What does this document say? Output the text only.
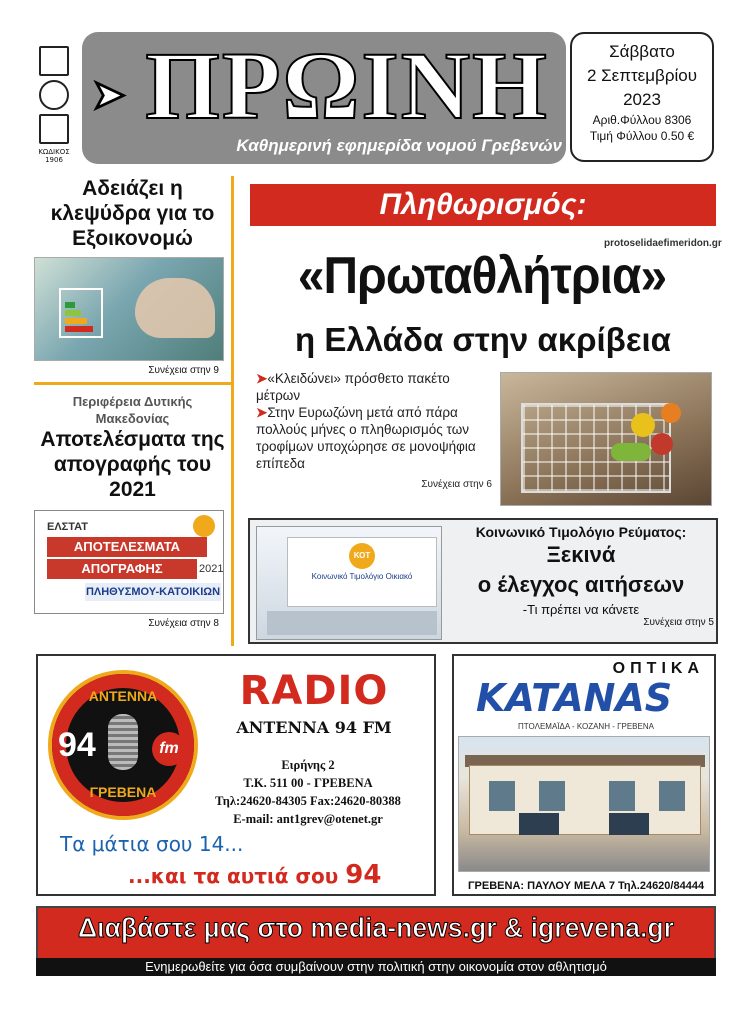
ΚΩΔΙΚΟΣ
1906
➤ ΠΡΩΙΝΗ
Καθημερινή εφημερίδα νομού Γρεβενών
Σάββατο
2 Σεπτεμβρίου
2023
Αριθ.Φύλλου 8306
Τιμή Φύλλου 0.50 €
Αδειάζει η κλεψύδρα για το Εξοικονομώ
Συνέχεια στην 9
Περιφέρεια Δυτικής Μακεδονίας
Αποτελέσματα της απογραφής του 2021
ΕΛΣΤΑΤ
ΑΠΟΤΕΛΕΣΜΑΤΑ
ΑΠΟΓΡΑΦΗΣ	2021
ΠΛΗΘΥΣΜΟΥ-ΚΑΤΟΙΚΙΩΝ
Συνέχεια στην 8
Πληθωρισμός:
protoselidaefimeridon.gr
«Πρωταθλήτρια»
η Ελλάδα στην ακρίβεια
➤«Κλειδώνει» πρόσθετο πακέτο μέτρων
➤Στην Ευρωζώνη μετά από πάρα πολλούς μήνες ο πληθωρισμός των τροφίμων υποχώρησε σε μονοψήφια επίπεδα
Συνέχεια στην 6
Κοινωνικό Τιμολόγιο Οικιακό
ΚΟΤ
Κοινωνικό Τιμολόγιο Ρεύματος:
Ξεκινά
ο έλεγχος αιτήσεων
-Τι πρέπει να κάνετε
Συνέχεια στην 5
ΑΝΤΕΝΝΑ
94	fm
ΓΡΕΒΕΝΑ
RADIO
ANTENNA 94 FM
Ειρήνης 2
Τ.Κ. 511 00 - ΓΡΕΒΕΝΑ
Τηλ:24620-84305 Fax:24620-80388
E-mail: ant1grev@otenet.gr
Τα μάτια σου 14...
...και τα αυτιά σου 94
ΟΠΤΙΚΑ
KATANAS
ΠΤΟΛΕΜΑΪΔΑ - ΚΟΖΑΝΗ - ΓΡΕΒΕΝΑ
ΓΡΕΒΕΝΑ: ΠΑΥΛΟΥ ΜΕΛΑ 7 Τηλ.24620/84444
Διαβάστε μας στο media-news.gr & igrevena.gr
Ενημερωθείτε για όσα συμβαίνουν στην πολιτική στην οικονομία στον αθλητισμό
